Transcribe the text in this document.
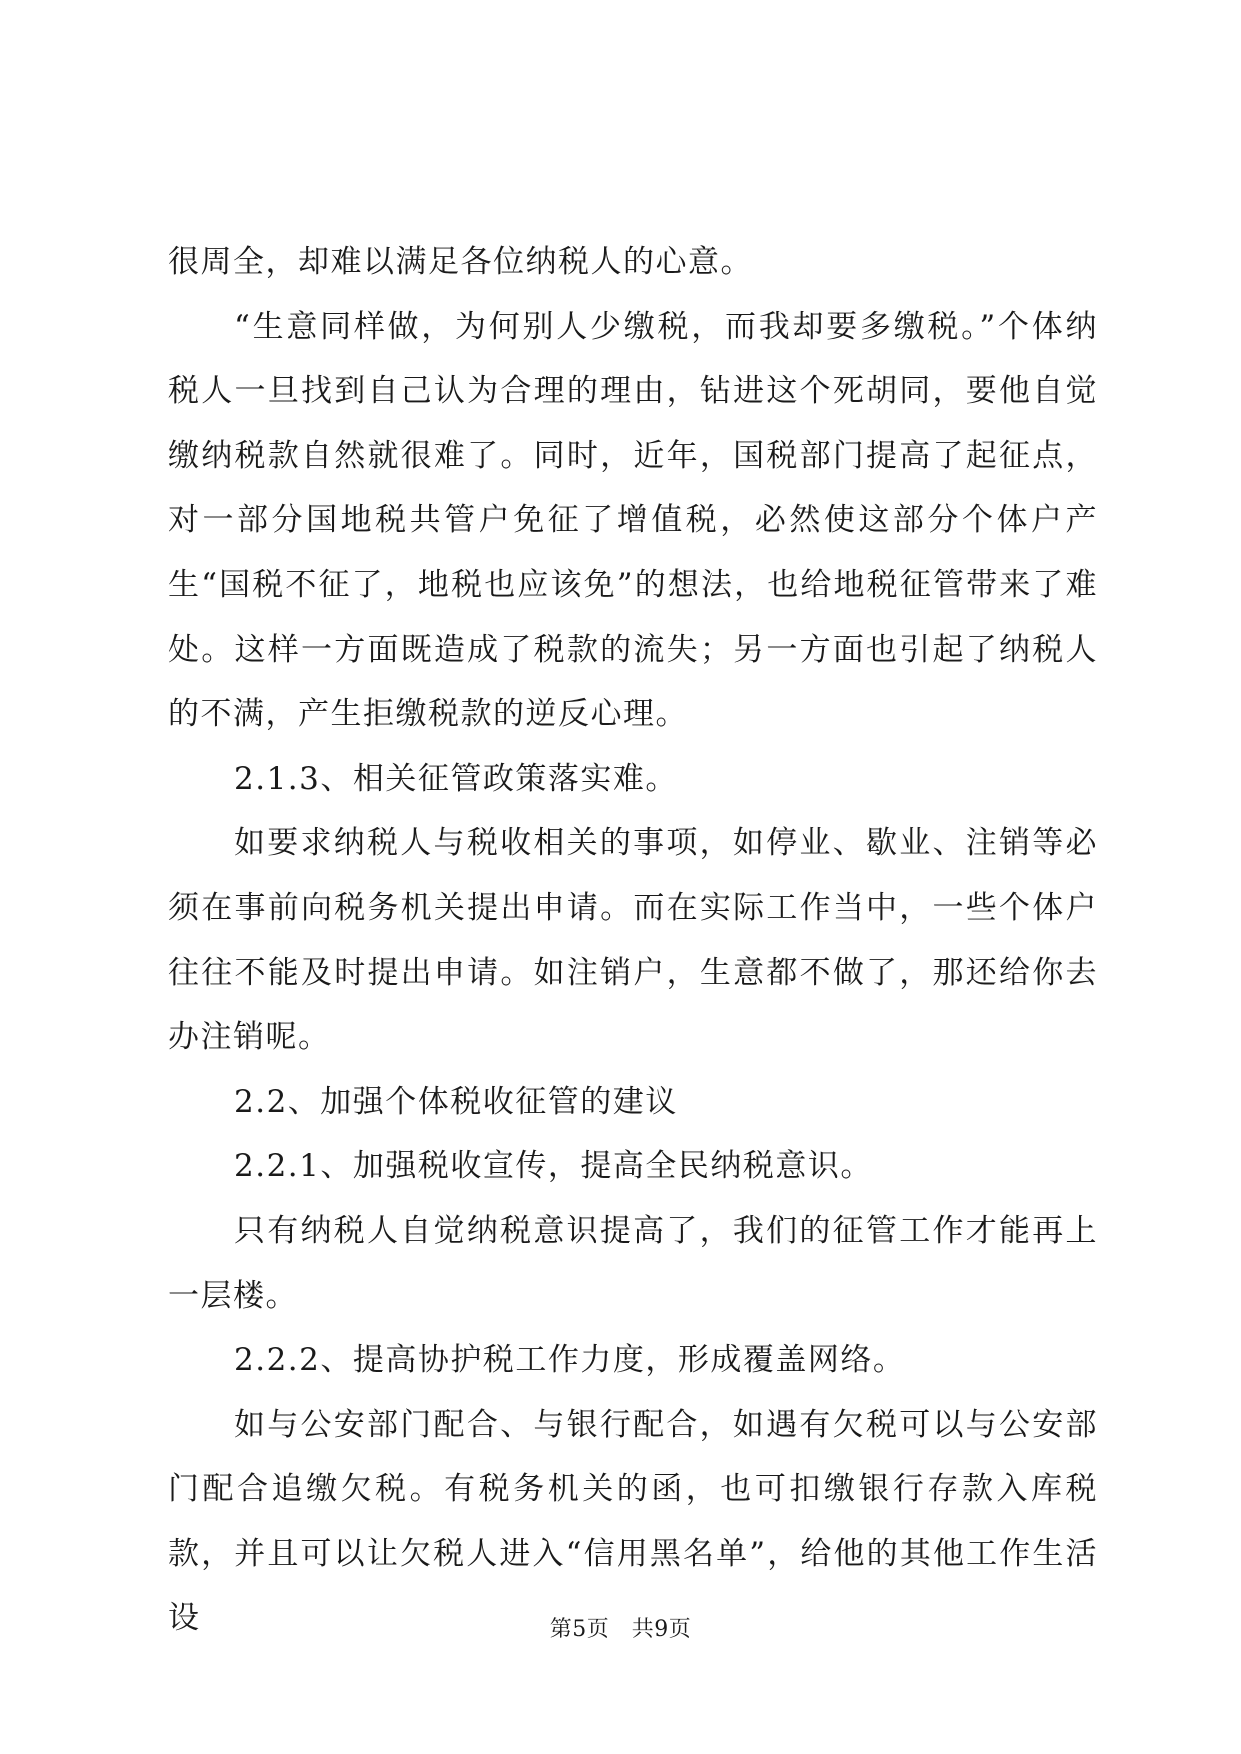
很周全，却难以满足各位纳税人的心意。

“生意同样做，为何别人少缴税，而我却要多缴税。”个体纳税人一旦找到自己认为合理的理由，钻进这个死胡同，要他自觉缴纳税款自然就很难了。同时，近年，国税部门提高了起征点，对一部分国地税共管户免征了增值税，必然使这部分个体户产生“国税不征了，地税也应该免”的想法，也给地税征管带来了难处。这样一方面既造成了税款的流失；另一方面也引起了纳税人的不满，产生拒缴税款的逆反心理。

2.1.3、相关征管政策落实难。

如要求纳税人与税收相关的事项，如停业、歇业、注销等必须在事前向税务机关提出申请。而在实际工作当中，一些个体户往往不能及时提出申请。如注销户，生意都不做了，那还给你去办注销呢。

2.2、加强个体税收征管的建议

2.2.1、加强税收宣传，提高全民纳税意识。

只有纳税人自觉纳税意识提高了，我们的征管工作才能再上一层楼。

2.2.2、提高协护税工作力度，形成覆盖网络。

如与公安部门配合、与银行配合，如遇有欠税可以与公安部门配合追缴欠税。有税务机关的函，也可扣缴银行存款入库税款，并且可以让欠税人进入“信用黑名单”，给他的其他工作生活设	第5页 共9页
